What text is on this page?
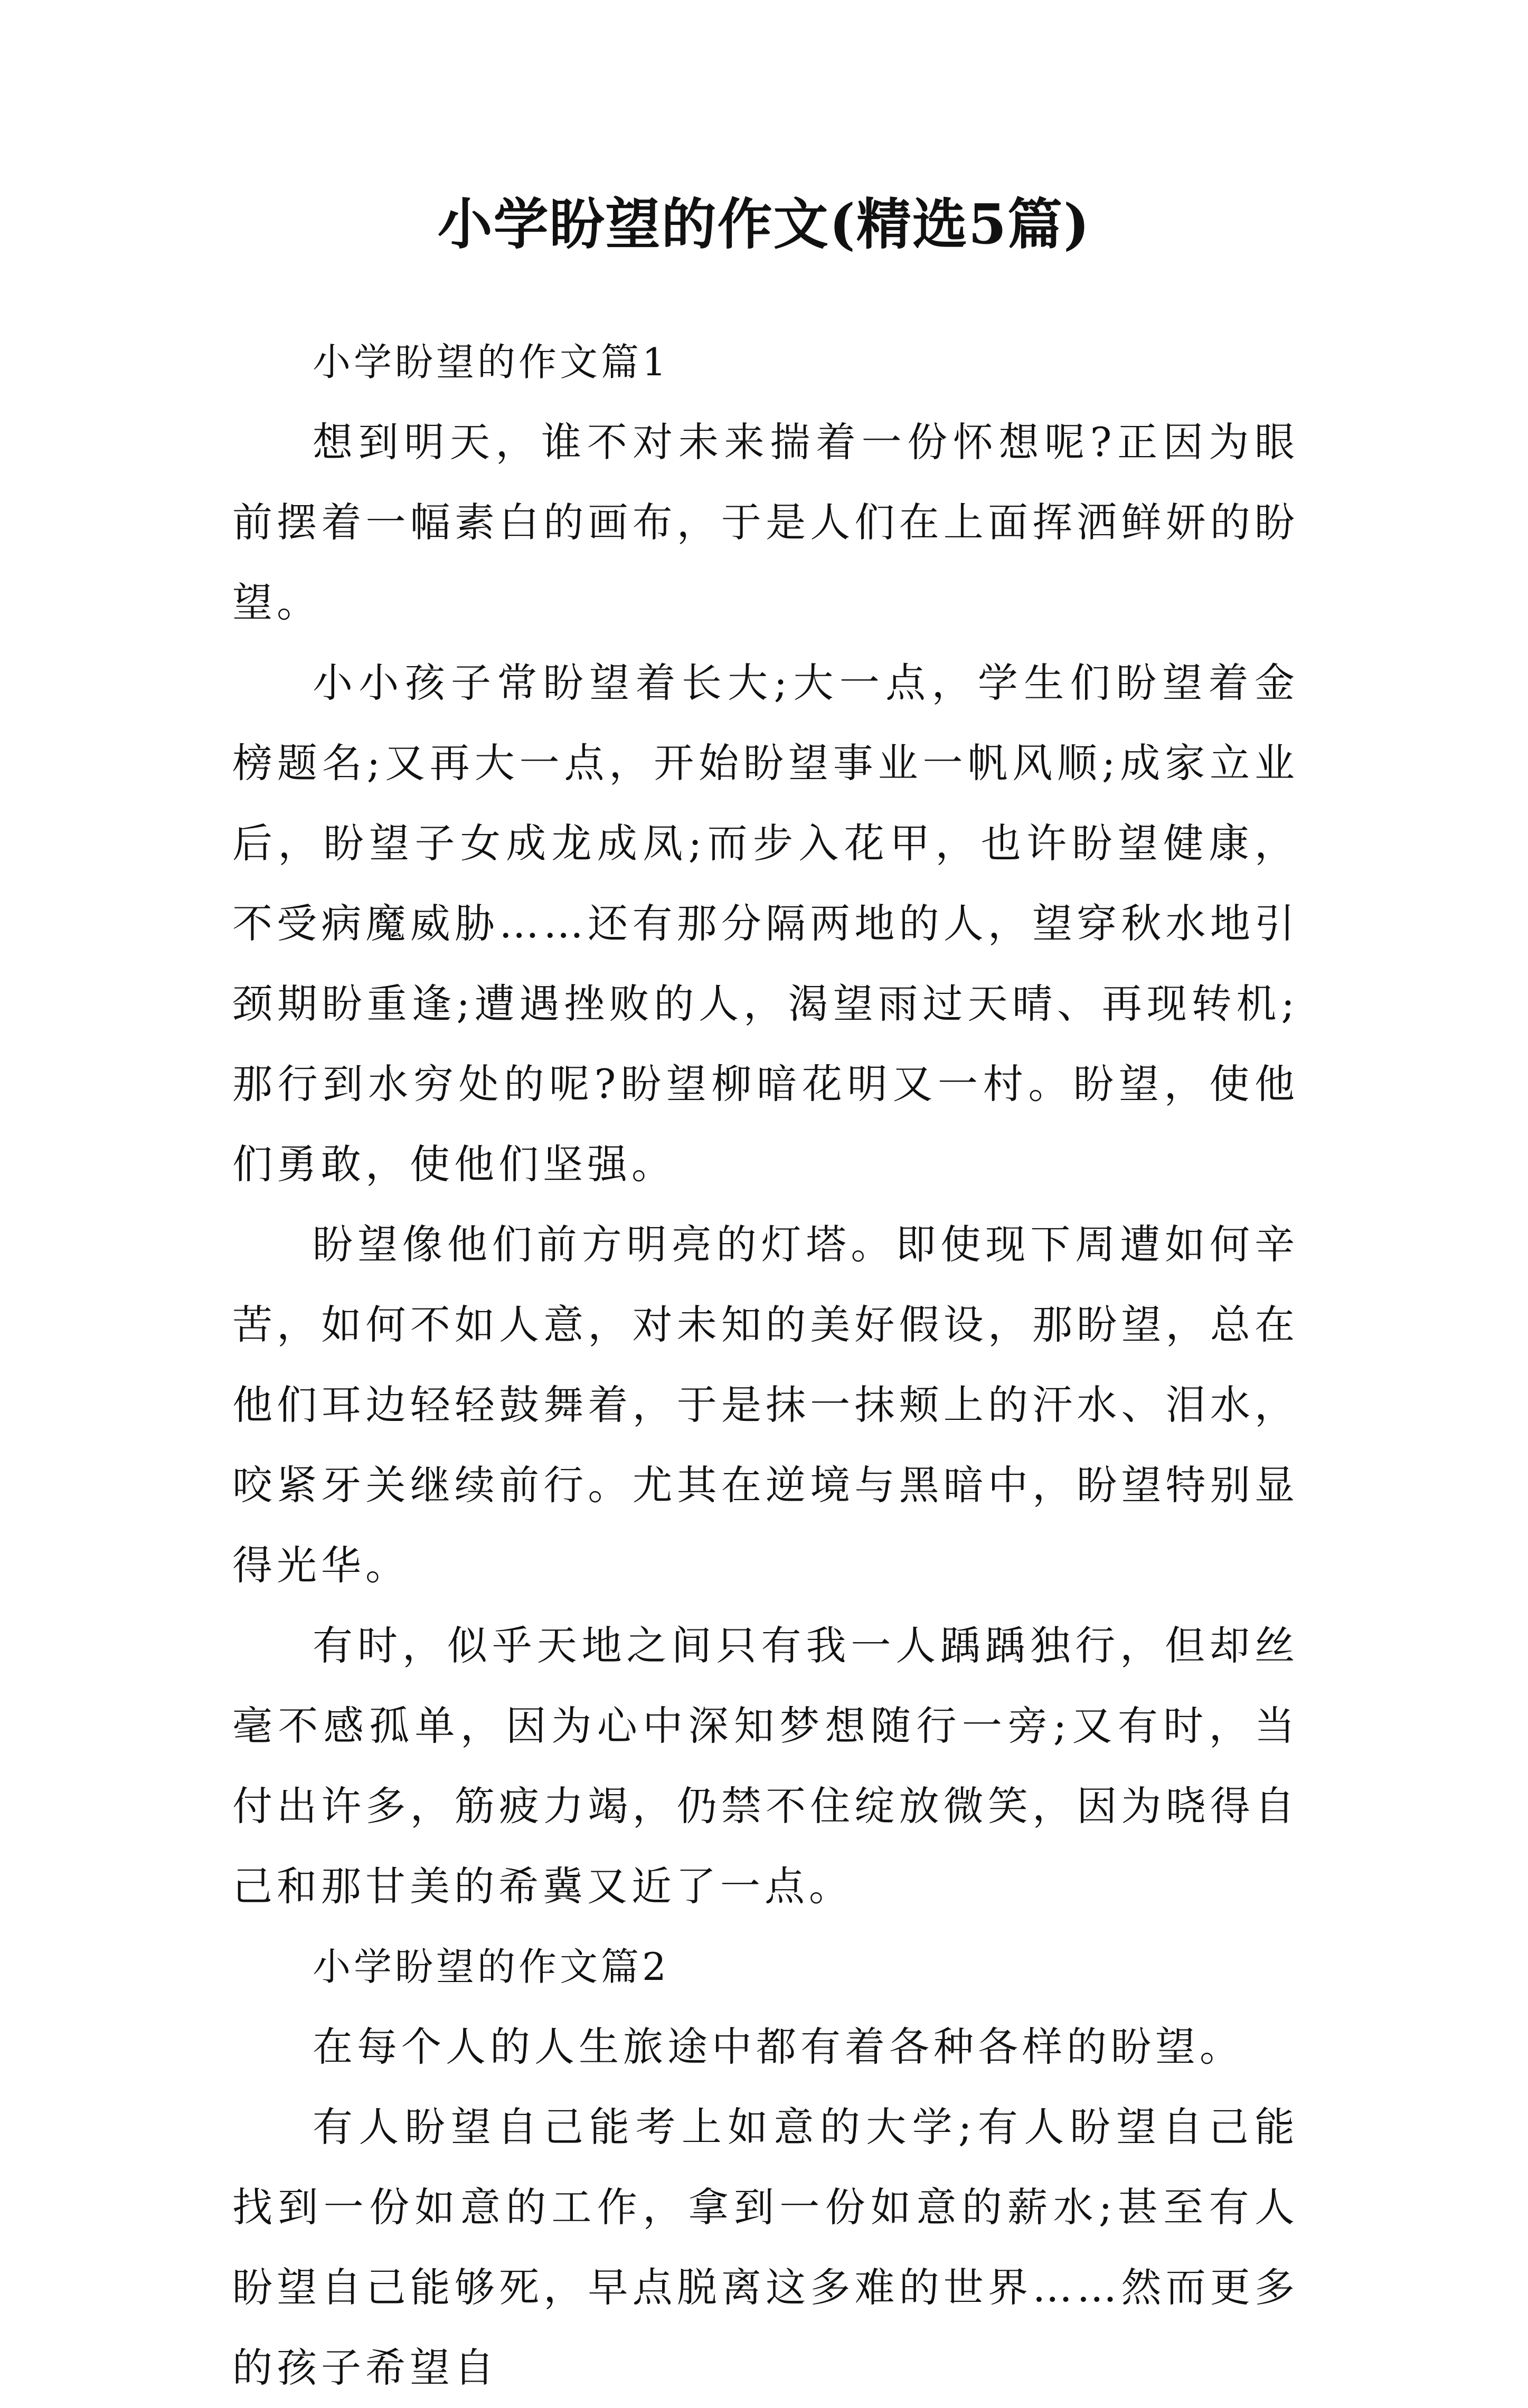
小学盼望的作文(精选5篇)

小学盼望的作文篇1

想到明天，谁不对未来揣着一份怀想呢?正因为眼前摆着一幅素白的画布，于是人们在上面挥洒鲜妍的盼望。

小小孩子常盼望着长大;大一点，学生们盼望着金榜题名;又再大一点，开始盼望事业一帆风顺;成家立业后，盼望子女成龙成凤;而步入花甲，也许盼望健康，不受病魔威胁……还有那分隔两地的人，望穿秋水地引颈期盼重逢;遭遇挫败的人，渴望雨过天晴、再现转机;那行到水穷处的呢?盼望柳暗花明又一村。盼望，使他们勇敢，使他们坚强。

盼望像他们前方明亮的灯塔。即使现下周遭如何辛苦，如何不如人意，对未知的美好假设，那盼望，总在他们耳边轻轻鼓舞着，于是抹一抹颊上的汗水、泪水，咬紧牙关继续前行。尤其在逆境与黑暗中，盼望特别显得光华。

有时，似乎天地之间只有我一人踽踽独行，但却丝毫不感孤单，因为心中深知梦想随行一旁;又有时，当付出许多，筋疲力竭，仍禁不住绽放微笑，因为晓得自己和那甘美的希冀又近了一点。

小学盼望的作文篇2

在每个人的人生旅途中都有着各种各样的盼望。

有人盼望自己能考上如意的大学;有人盼望自己能找到一份如意的工作，拿到一份如意的薪水;甚至有人盼望自己能够死，早点脱离这多难的世界……然而更多的孩子希望自
